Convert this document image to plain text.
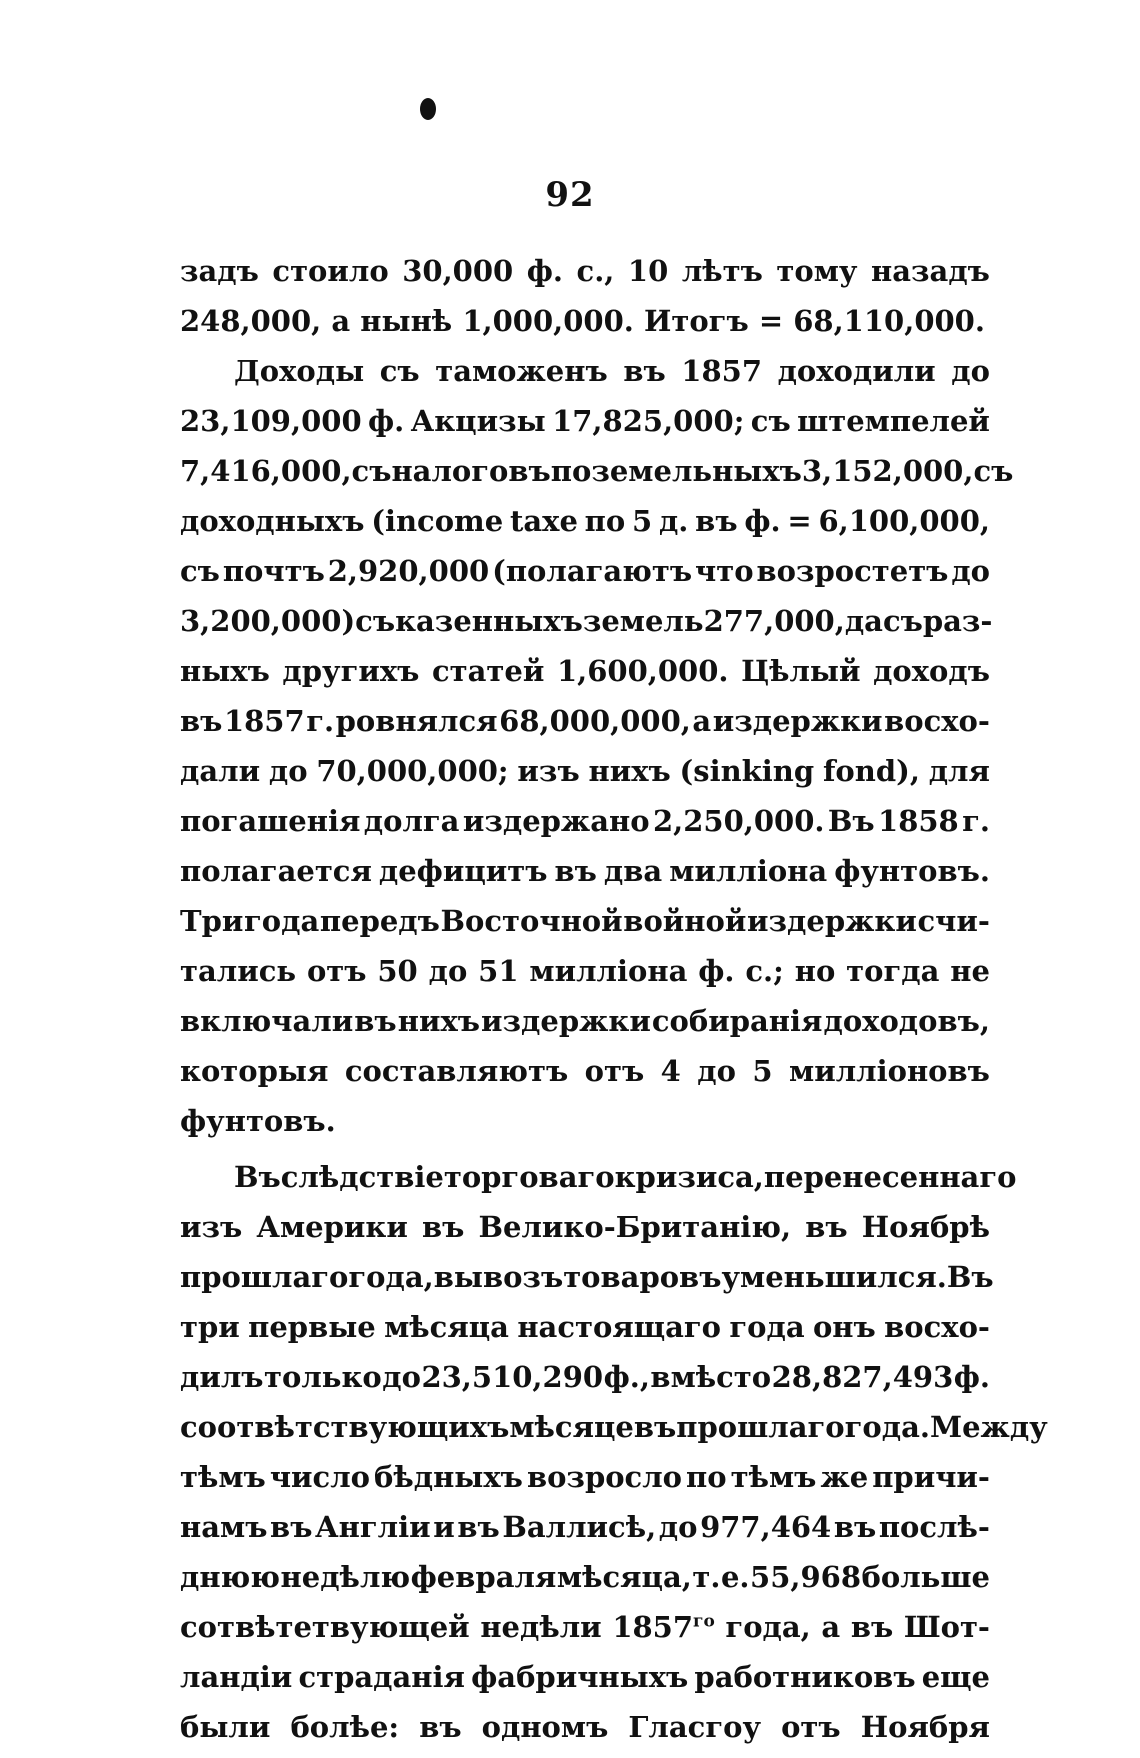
92
задъ стоило 30,000 ф. с., 10 лѣтъ тому назадъ
248,000,
а
нынѣ
1,000,000.
Итогъ
=
68,110,000.
Доходы съ таможенъ въ 1857 доходили до
23,109,000 ф. Акцизы 17,825,000; съ штемпелей
7,416,000, съ налоговъ поземельныхъ 3,152,000, съ
доходныхъ (income taxe по 5 д. въ ф. = 6,100,000,
съ почтъ 2,920,000 (полагаютъ что возростетъ до
3,200,000) съ казенныхъ земель 277,000, да съ раз-
ныхъ другихъ статей 1,600,000. Цѣлый доходъ
въ 1857 г. ровнялся 68,000,000, а издержки восхо-
дали до 70,000,000; изъ нихъ (sinking fond), для
погашенія долга издержано 2,250,000. Въ 1858 г.
полагается дефицитъ въ два милліона фунтовъ.
Три года передъ Восточной войной издержки счи-
тались отъ 50 до 51 милліона ф. с.; но тогда не
включали въ нихъ издержки собиранія доходовъ,
которыя составляютъ отъ 4 до 5 милліоновъ
фунтовъ.
Въ слѣдствіе торговаго кризиса, перенесеннаго
изъ Америки въ Велико-Британію, въ Ноябрѣ
прошлаго года, вывозъ товаровъ уменьшился. Въ
три первые мѣсяца настоящаго года онъ восхо-
дилъ только до 23,510,290 ф., вмѣсто 28,827,493 ф.
соотвѣтствующихъ мѣсяцевъ прошлаго года. Между
тѣмъ число бѣдныхъ возросло по тѣмъ же причи-
намъ въ Англіи и въ Валлисѣ, до 977,464 въ послѣ-
днюю недѣлю февраля мѣсяца, т. е. 55,968 больше
сотвѣтетвующей недѣли $1857^{го}$ года, а въ Шот-
ландіи страданія фабричныхъ работниковъ еще
были болѣе: въ одномъ Гласгоу отъ Ноября
